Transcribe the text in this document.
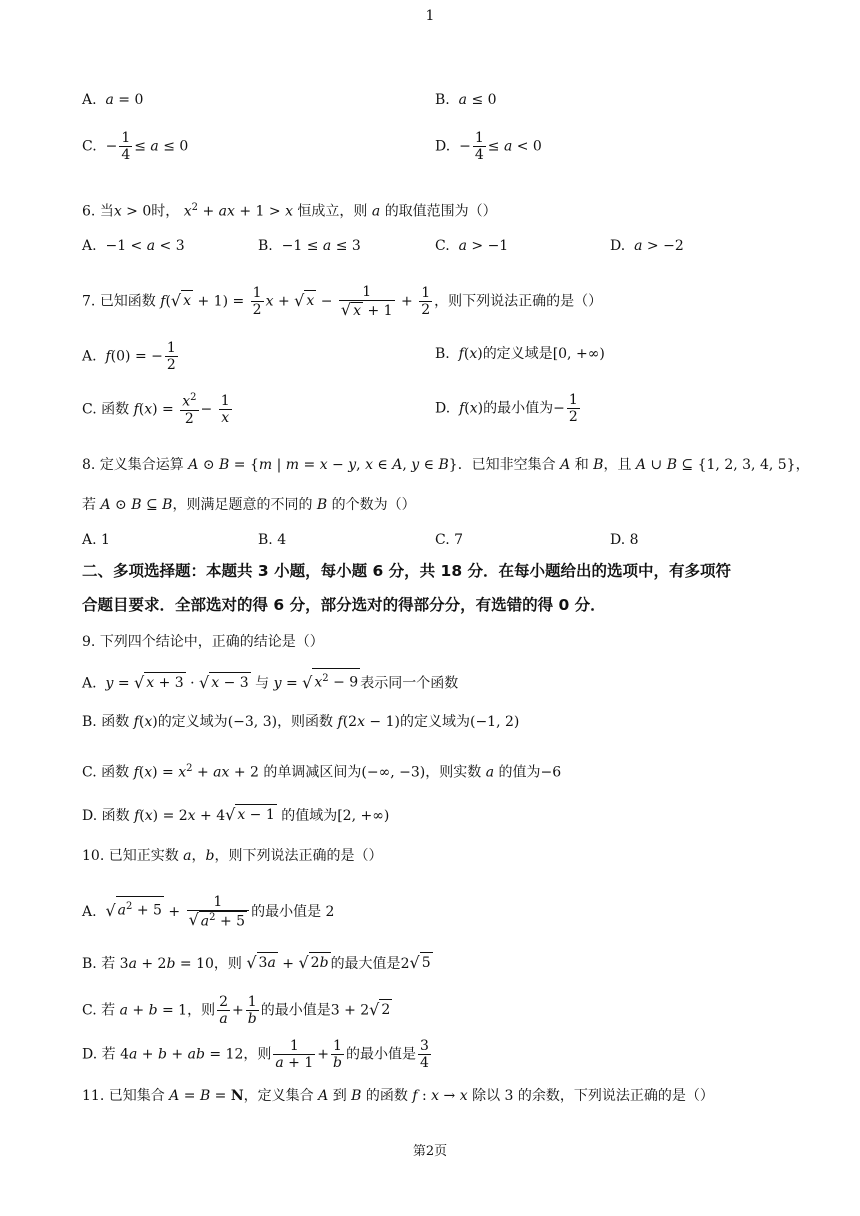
1
A. a = 0	B. a ≤ 0
C.  − $\frac{1}{4} \le a \le 0$	D.  − $\frac{1}{4} \le a < 0$
6. 当x > 0时， $x^2$ + ax + 1 > x 恒成立，则 a 的取值范围为（）
A.  −1 < a < 3	B.  −1 ≤ a ≤ 3	C. a > −1	D. a > −2
7. 已知函数 f( √ $x + 1) = \frac{1}{2}$ x + √ $x - \frac{1}{√ x + 1} + \frac{1}{2}$ ，则下列说法正确的是（）
A. f(0) = − $\frac{1}{2}$	B. f(x)的定义域是[0, +∞)
C. 函数 $f(x) = \frac{x^2}{2} - \frac{1}{x}$	D. f(x)的最小值为− $\frac{1}{2}$
8. 定义集合运算 A ⊙ B = {m | m = x − y, x ∈ A, y ∈ B}．已知非空集合 A 和 B，且 A ∪ B ⊆ {1, 2, 3, 4, 5}，
若 A ⊙ B ⊆ B，则满足题意的不同的 B 的个数为（）
A. 1	B. 4	C. 7	D. 8
二、多项选择题：本题共 3 小题，每小题 6 分，共 18 分．在每小题给出的选项中，有多项符
合题目要求．全部选对的得 6 分，部分选对的得部分分，有选错的得 0 分．
9. 下列四个结论中，正确的结论是（）
A. y = √ x + 3 · √ x − 3 与 y = √ $x^2 - 9$ 表示同一个函数
B. 函数 f(x)的定义域为(−3, 3)，则函数 f(2x − 1)的定义域为(−1, 2)
C. 函数 $f(x) = x^2$ + ax + 2 的单调减区间为(−∞, −3)，则实数 a 的值为−6
D. 函数 f(x) = 2x + 4 √ x − 1 的值域为[2, +∞)
10. 已知正实数 a，b，则下列说法正确的是（）
A. √ $a^2 + 5 + \frac{1}{√ a^2 + 5}$ 的最小值是 2
B. 若 3a + 2b = 10，则 √ 3a + √ 2b 的最大值是2 √ 5
C. 若 a + b = 1，则 $\frac{2}{a} + \frac{1}{b}$ 的最小值是3 + 2 √ 2
D. 若 4a + b + ab = 12，则 $\frac{1}{a + 1} + \frac{1}{b}$ 的最小值是 $\frac{3}{4}$
11. 已知集合 A = B = N，定义集合 A 到 B 的函数 f : x → x 除以 3 的余数，下列说法正确的是（）
第2页
